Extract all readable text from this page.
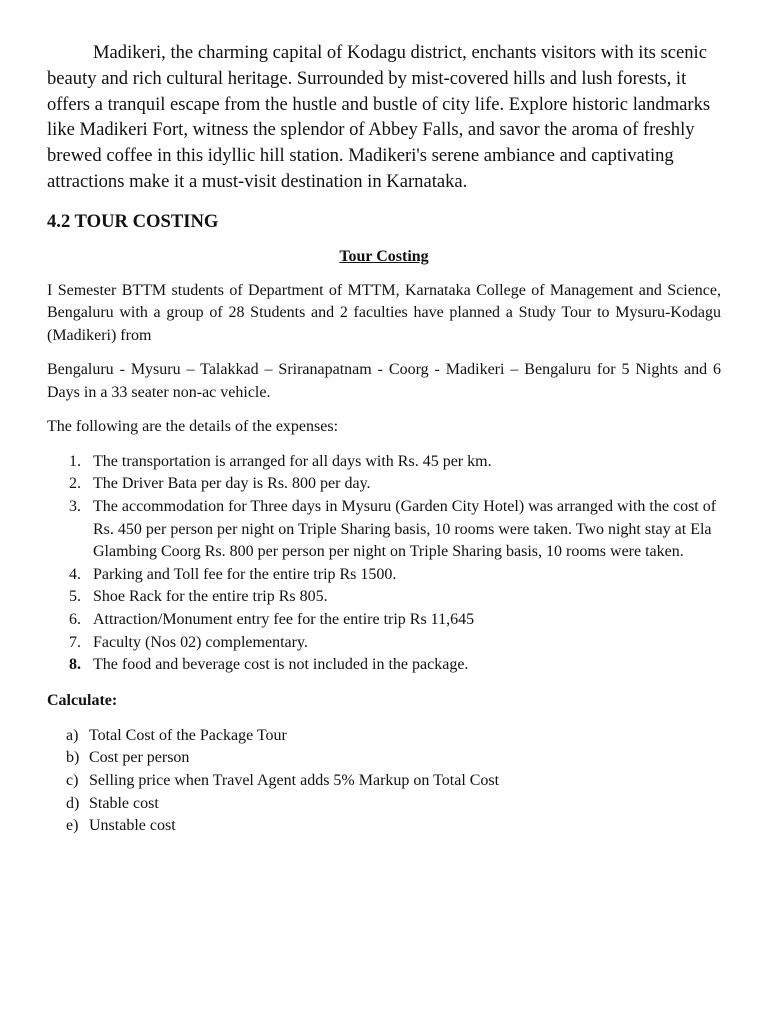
Madikeri, the charming capital of Kodagu district, enchants visitors with its scenic beauty and rich cultural heritage. Surrounded by mist-covered hills and lush forests, it offers a tranquil escape from the hustle and bustle of city life. Explore historic landmarks like Madikeri Fort, witness the splendor of Abbey Falls, and savor the aroma of freshly brewed coffee in this idyllic hill station. Madikeri's serene ambiance and captivating attractions make it a must-visit destination in Karnataka.

4.2 TOUR COSTING
Tour Costing

I Semester BTTM students of Department of MTTM, Karnataka College of Management and Science, Bengaluru with a group of 28 Students and 2 faculties have planned a Study Tour to Mysuru-Kodagu (Madikeri) from

Bengaluru - Mysuru – Talakkad – Sriranapatnam - Coorg - Madikeri – Bengaluru for 5 Nights and 6 Days in a 33 seater non-ac vehicle.

The following are the details of the expenses:

1. The transportation is arranged for all days with Rs. 45 per km.
2. The Driver Bata per day is Rs. 800 per day.
3. The accommodation for Three days in Mysuru (Garden City Hotel) was arranged with the cost of Rs. 450 per person per night on Triple Sharing basis, 10 rooms were taken. Two night stay at Ela Glambing Coorg Rs. 800 per person per night on Triple Sharing basis, 10 rooms were taken.
4. Parking and Toll fee for the entire trip Rs 1500.
5. Shoe Rack for the entire trip Rs 805.
6. Attraction/Monument entry fee for the entire trip Rs 11,645
7. Faculty (Nos 02) complementary.
8. The food and beverage cost is not included in the package.
Calculate:
a) Total Cost of the Package Tour
b) Cost per person
c) Selling price when Travel Agent adds 5% Markup on Total Cost
d) Stable cost
e) Unstable cost
